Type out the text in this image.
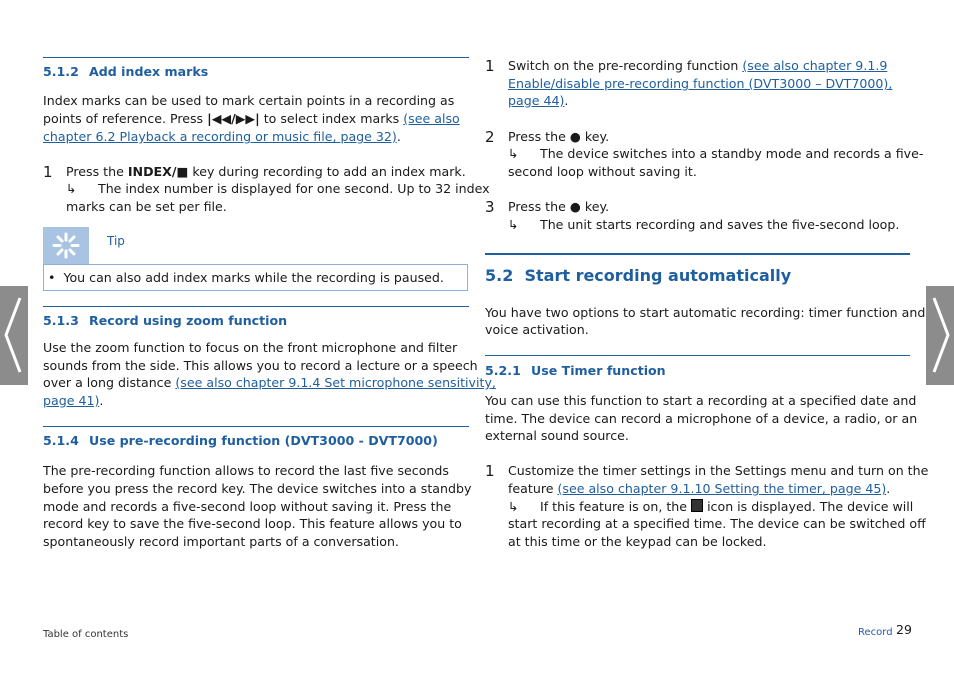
5.1.2 Add index marks

Index marks can be used to mark certain points in a recording as

points of reference. Press |◀◀/▶▶| to select index marks (see also

chapter 6.2 Playback a recording or music file, page 32).

1 Press the INDEX/■ key during recording to add an index mark.

↳ The index number is displayed for one second. Up to 32 index

marks can be set per file.

Tip

•  You can also add index marks while the recording is paused.

5.1.3 Record using zoom function

Use the zoom function to focus on the front microphone and filter

sounds from the side. This allows you to record a lecture or a speech

over a long distance (see also chapter 9.1.4 Set microphone sensitivity,

page 41).

5.1.4 Use pre-recording function (DVT3000 - DVT7000)

The pre-recording function allows to record the last five seconds

before you press the record key. The device switches into a standby

mode and records a five-second loop without saving it. Press the

record key to save the five-second loop. This feature allows you to

spontaneously record important parts of a conversation.

1 Switch on the pre-recording function (see also chapter 9.1.9

Enable/disable pre-recording function (DVT3000 – DVT7000),

page 44).

2 Press the ● key.

↳ The device switches into a standby mode and records a five-

second loop without saving it.

3 Press the ● key.

↳ The unit starts recording and saves the five-second loop.

5.2 Start recording automatically

You have two options to start automatic recording: timer function and

voice activation.

5.2.1 Use Timer function

You can use this function to start a recording at a specified date and

time. The device can record a microphone of a device, a radio, or an

external sound source.

1 Customize the timer settings in the Settings menu and turn on the

feature (see also chapter 9.1.10 Setting the timer, page 45).

↳ If this feature is on, the icon is displayed. The device will

start recording at a specified time. The device can be switched off

at this time or the keypad can be locked.

Table of contents	Record 29
